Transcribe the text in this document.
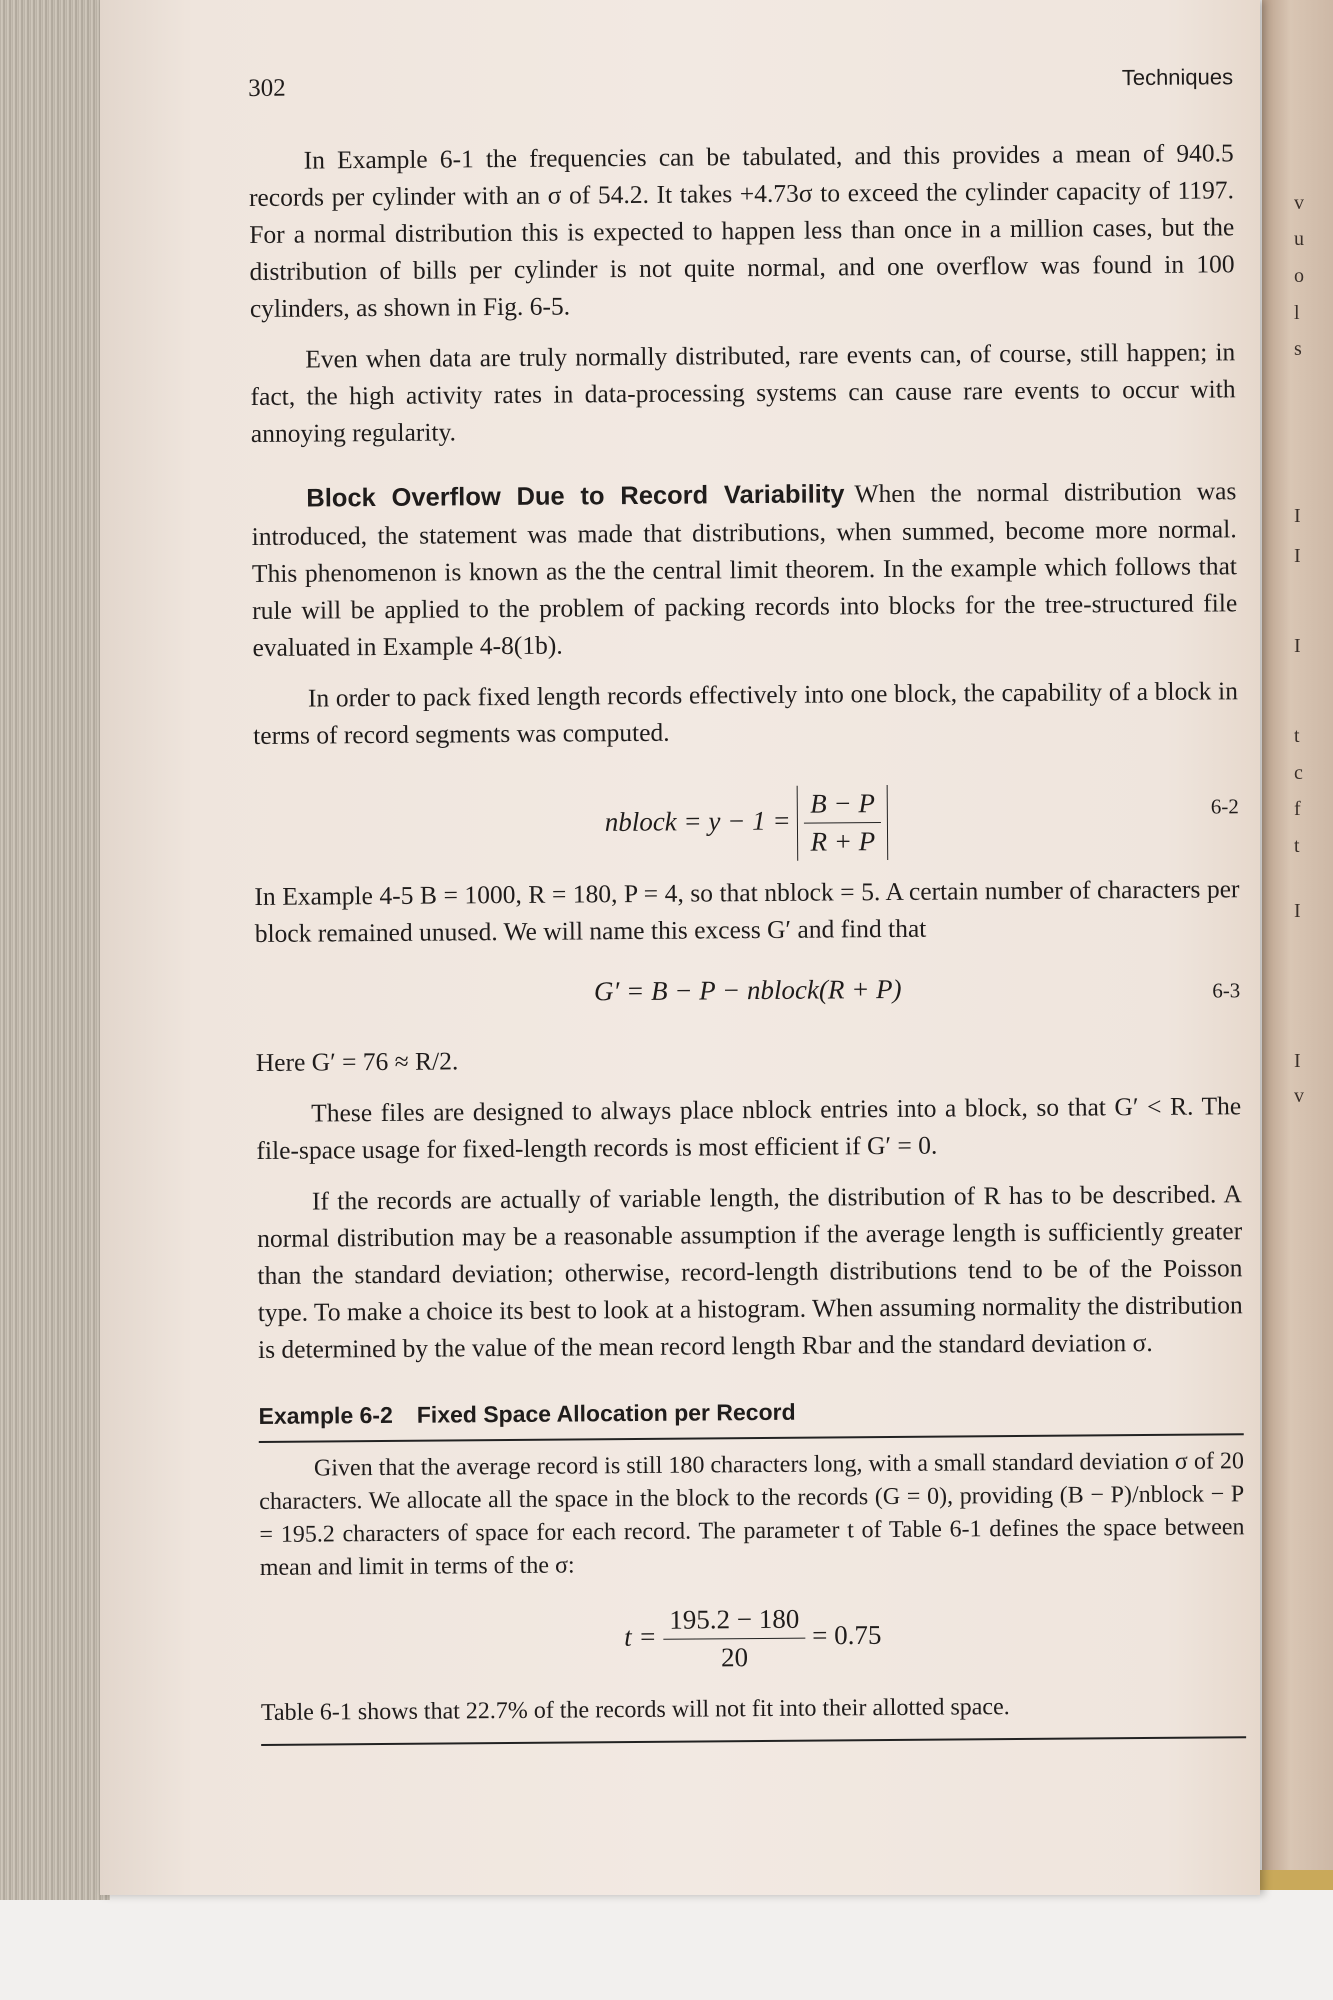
v
u
o
l
s
I
I
I
t
c
f
t
I
I
v
302	Techniques

In Example 6-1 the frequencies can be tabulated, and this provides a mean of 940.5 records per cylinder with an σ of 54.2. It takes +4.73σ to exceed the cylinder capacity of 1197. For a normal distribution this is expected to happen less than once in a million cases, but the distribution of bills per cylinder is not quite normal, and one overflow was found in 100 cylinders, as shown in Fig. 6-5.

Even when data are truly normally distributed, rare events can, of course, still happen; in fact, the high activity rates in data-processing systems can cause rare events to occur with annoying regularity.

Block Overflow Due to Record Variability When the normal distribution was introduced, the statement was made that distributions, when summed, become more normal. This phenomenon is known as the the central limit theorem. In the example which follows that rule will be applied to the problem of packing records into blocks for the tree-structured file evaluated in Example 4-8(1b).

In order to pack fixed length records effectively into one block, the capability of a block in terms of record segments was computed.

nblock = $y - 1 = \frac{B - P}{R + P}$	6-2

In Example 4-5 B = 1000, R = 180, P = 4, so that nblock = 5. A certain number of characters per block remained unused. We will name this excess G′ and find that

G′ = B − P − nblock(R + P)	6-3

Here G′ = 76 ≈ R/2.

These files are designed to always place nblock entries into a block, so that G′ < R. The file-space usage for fixed-length records is most efficient if G′ = 0.

If the records are actually of variable length, the distribution of R has to be described. A normal distribution may be a reasonable assumption if the average length is sufficiently greater than the standard deviation; otherwise, record-length distributions tend to be of the Poisson type. To make a choice its best to look at a histogram. When assuming normality the distribution is determined by the value of the mean record length Rbar and the standard deviation σ.

Example 6-2 Fixed Space Allocation per Record

Given that the average record is still 180 characters long, with a small standard deviation σ of 20 characters. We allocate all the space in the block to the records (G = 0), providing (B − P)/nblock − P = 195.2 characters of space for each record. The parameter t of Table 6-1 defines the space between mean and limit in terms of the σ:

$t = \frac{195.2 - 180}{20} = 0.75$

Table 6-1 shows that 22.7% of the records will not fit into their allotted space.
